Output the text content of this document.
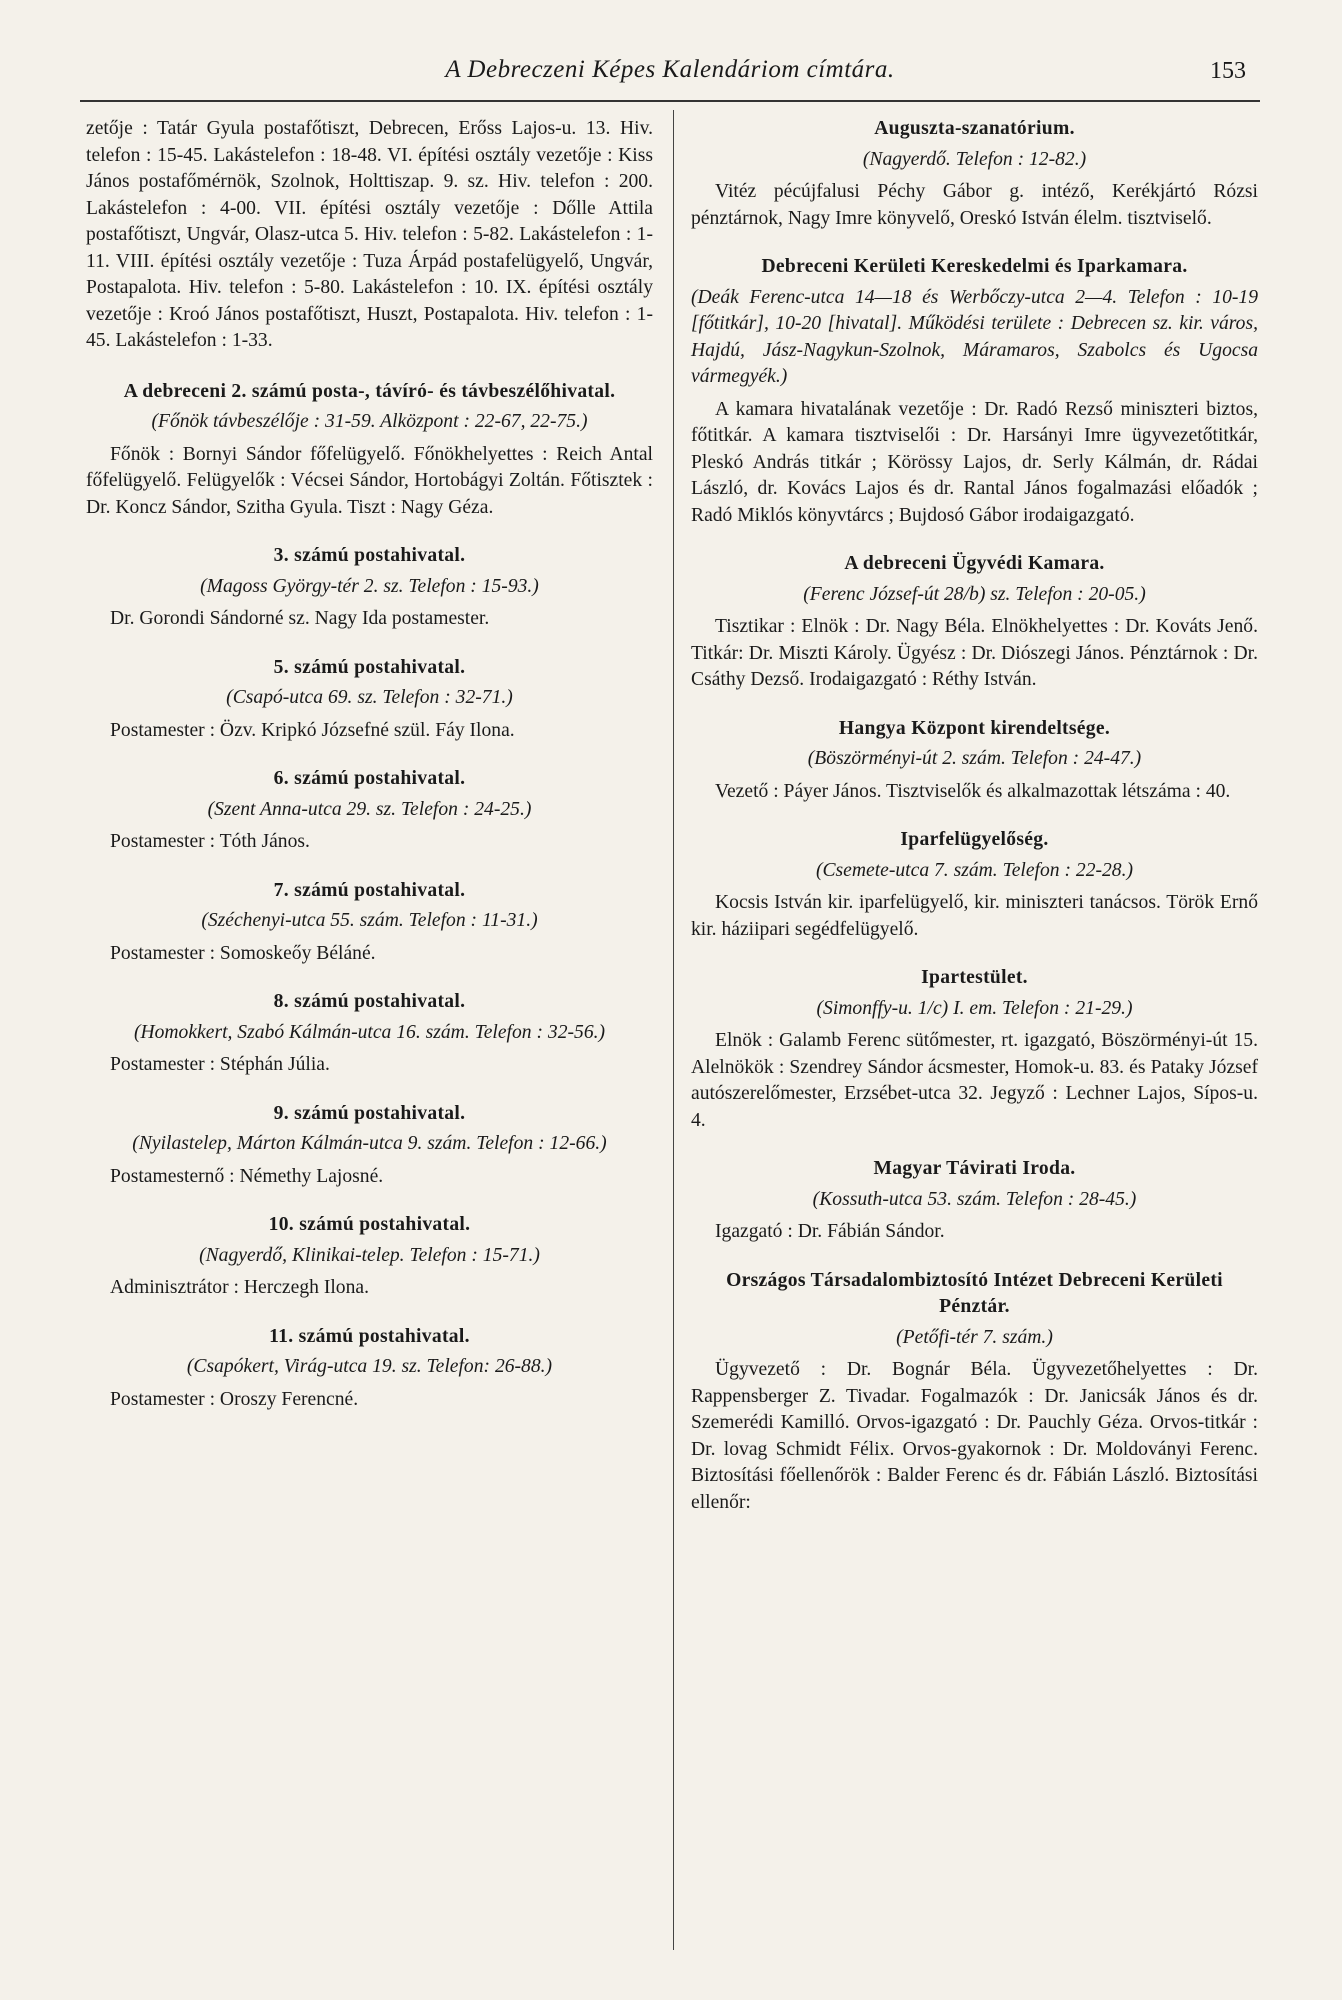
A Debreczeni Képes Kalendáriom címtára.	153

zetője : Tatár Gyula postafőtiszt, Debrecen, Erőss Lajos-u. 13. Hiv. telefon : 15-45. Lakástelefon : 18-48. VI. építési osztály vezetője : Kiss János postafőmérnök, Szolnok, Holttiszap. 9. sz. Hiv. telefon : 200. Lakástelefon : 4-00. VII. építési osztály vezetője : Dőlle Attila postafőtiszt, Ungvár, Olasz-utca 5. Hiv. telefon : 5-82. Lakástelefon : 1-11. VIII. építési osztály vezetője : Tuza Árpád postafelügyelő, Ungvár, Postapalota. Hiv. telefon : 5-80. Lakástelefon : 10. IX. építési osztály vezetője : Kroó János postafőtiszt, Huszt, Postapalota. Hiv. telefon : 1-45. Lakástelefon : 1-33.

A debreceni 2. számú posta-, távíró- és távbeszélőhivatal.

(Főnök távbeszélője : 31-59. Alközpont : 22-67, 22-75.)

Főnök : Bornyi Sándor főfelügyelő. Főnökhelyettes : Reich Antal főfelügyelő. Felügyelők : Vécsei Sándor, Hortobágyi Zoltán. Főtisztek : Dr. Koncz Sándor, Szitha Gyula. Tiszt : Nagy Géza.

3. számú postahivatal.

(Magoss György-tér 2. sz. Telefon : 15-93.)

Dr. Gorondi Sándorné sz. Nagy Ida postamester.

5. számú postahivatal.

(Csapó-utca 69. sz. Telefon : 32-71.)

Postamester : Özv. Kripkó Józsefné szül. Fáy Ilona.

6. számú postahivatal.

(Szent Anna-utca 29. sz. Telefon : 24-25.)

Postamester : Tóth János.

7. számú postahivatal.

(Széchenyi-utca 55. szám. Telefon : 11-31.)

Postamester : Somoskeőy Béláné.

8. számú postahivatal.

(Homokkert, Szabó Kálmán-utca 16. szám. Telefon : 32-56.)

Postamester : Stéphán Júlia.

9. számú postahivatal.

(Nyilastelep, Márton Kálmán-utca 9. szám. Telefon : 12-66.)

Postamesternő : Némethy Lajosné.

10. számú postahivatal.

(Nagyerdő, Klinikai-telep. Telefon : 15-71.)

Adminisztrátor : Herczegh Ilona.

11. számú postahivatal.

(Csapókert, Virág-utca 19. sz. Telefon: 26-88.)

Postamester : Oroszy Ferencné.

Auguszta-szanatórium.

(Nagyerdő. Telefon : 12-82.)

Vitéz pécújfalusi Péchy Gábor g. intéző, Kerékjártó Rózsi pénztárnok, Nagy Imre könyvelő, Oreskó István élelm. tisztviselő.

Debreceni Kerületi Kereskedelmi és Iparkamara.

(Deák Ferenc-utca 14—18 és Werbőczy-utca 2—4. Telefon : 10-19 [főtitkár], 10-20 [hivatal]. Működési területe : Debrecen sz. kir. város, Hajdú, Jász-Nagykun-Szolnok, Máramaros, Szabolcs és Ugocsa vármegyék.)

A kamara hivatalának vezetője : Dr. Radó Rezső miniszteri biztos, főtitkár. A kamara tisztviselői : Dr. Harsányi Imre ügyvezetőtitkár, Pleskó András titkár ; Körössy Lajos, dr. Serly Kálmán, dr. Rádai László, dr. Kovács Lajos és dr. Rantal János fogalmazási előadók ; Radó Miklós könyvtárcs ; Bujdosó Gábor irodaigazgató.

A debreceni Ügyvédi Kamara.

(Ferenc József-út 28/b) sz. Telefon : 20-05.)

Tisztikar : Elnök : Dr. Nagy Béla. Elnökhelyettes : Dr. Kováts Jenő. Titkár: Dr. Miszti Károly. Ügyész : Dr. Diószegi János. Pénztárnok : Dr. Csáthy Dezső. Irodaigazgató : Réthy István.

Hangya Központ kirendeltsége.

(Böszörményi-út 2. szám. Telefon : 24-47.)

Vezető : Páyer János. Tisztviselők és alkalmazottak létszáma : 40.

Iparfelügyelőség.

(Csemete-utca 7. szám. Telefon : 22-28.)

Kocsis István kir. iparfelügyelő, kir. miniszteri tanácsos. Török Ernő kir. háziipari segédfelügyelő.

Ipartestület.

(Simonffy-u. 1/c) I. em. Telefon : 21-29.)

Elnök : Galamb Ferenc sütőmester, rt. igazgató, Böszörményi-út 15. Alelnökök : Szendrey Sándor ácsmester, Homok-u. 83. és Pataky József autószerelőmester, Erzsébet-utca 32. Jegyző : Lechner Lajos, Sípos-u. 4.

Magyar Távirati Iroda.

(Kossuth-utca 53. szám. Telefon : 28-45.)

Igazgató : Dr. Fábián Sándor.

Országos Társadalombiztosító Intézet Debreceni Kerületi Pénztár.

(Petőfi-tér 7. szám.)

Ügyvezető : Dr. Bognár Béla. Ügyvezetőhelyettes : Dr. Rappensberger Z. Tivadar. Fogalmazók : Dr. Janicsák János és dr. Szemerédi Kamilló. Orvos-igazgató : Dr. Pauchly Géza. Orvos-titkár : Dr. lovag Schmidt Félix. Orvos-gyakornok : Dr. Moldoványi Ferenc. Biztosítási főellenőrök : Balder Ferenc és dr. Fábián László. Biztosítási ellenőr:
